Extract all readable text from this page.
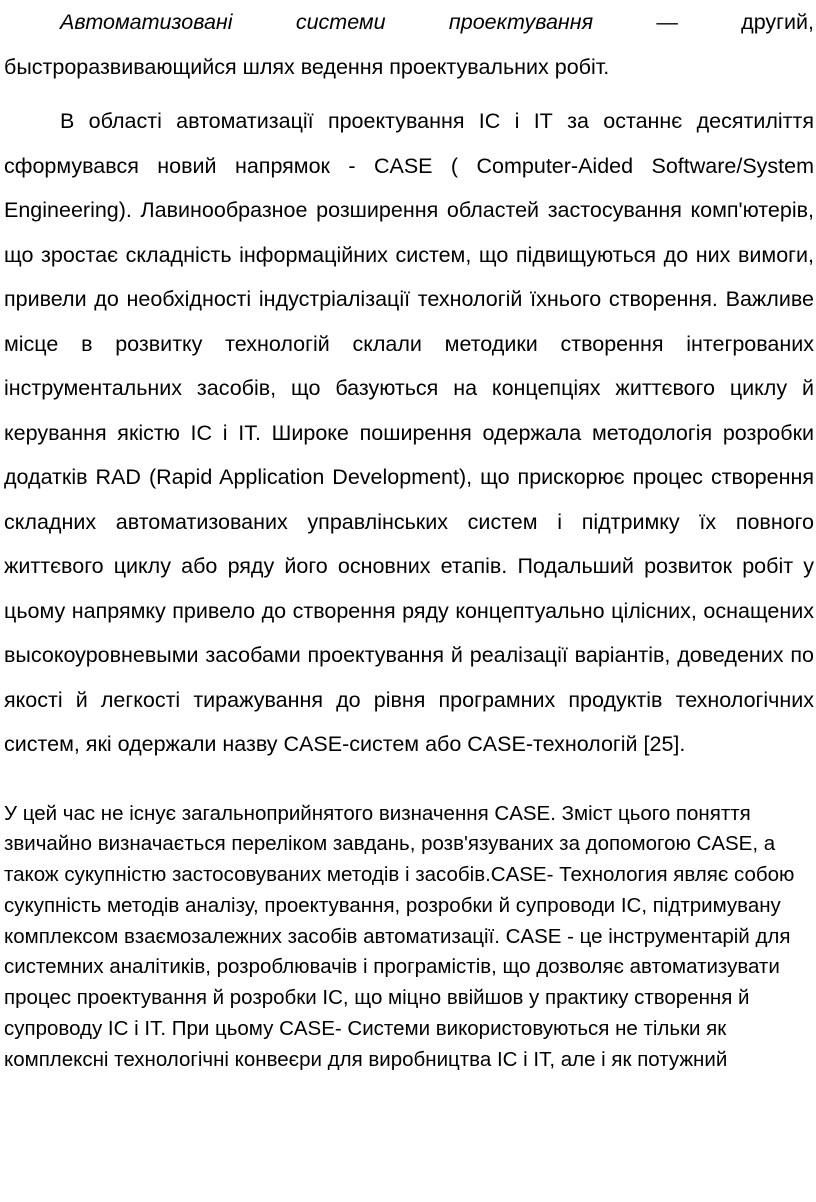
Автоматизовані системи проектування — другий, быстроразвивающийся шлях ведення проектувальних робіт.

В області автоматизації проектування ІС і ІТ за останнє десятиліття сформувався новий напрямок - CASE ( Computer-Aided Software/System Engineering). Лавинообразное розширення областей застосування комп'ютерів, що зростає складність інформаційних систем, що підвищуються до них вимоги, привели до необхідності індустріалізації технологій їхнього створення. Важливе місце в розвитку технологій склали методики створення інтегрованих інструментальних засобів, що базуються на концепціях життєвого циклу й керування якістю ІС і ІТ. Широке поширення одержала методологія розробки додатків RAD (Rapid Application Development), що прискорює процес створення складних автоматизованих управлінських систем і підтримку їх повного життєвого циклу або ряду його основних етапів. Подальший розвиток робіт у цьому напрямку привело до створення ряду концептуально цілісних, оснащених высокоуровневыми засобами проектування й реалізації варіантів, доведених по якості й легкості тиражування до рівня програмних продуктів технологічних систем, які одержали назву CASE-систем або CASE-технологій [25].

У цей час не існує загальноприйнятого визначення CASE. Зміст цього поняття звичайно визначається переліком завдань, розв'язуваних за допомогою CASE, а також сукупністю застосовуваних методів і засобів.CASE- Технология являє собою сукупність методів аналізу, проектування, розробки й супроводи ІС, підтримувану комплексом взаємозалежних засобів автоматизації. CASE - це інструментарій для системних аналітиків, розроблювачів і програмістів, що дозволяє автоматизувати процес проектування й розробки ІС, що міцно ввійшов у практику створення й супроводу ІС і ІТ. При цьому CASE- Системи використовуються не тільки як комплексні технологічні конвеєри для виробництва ІС і ІТ, але і як потужний
